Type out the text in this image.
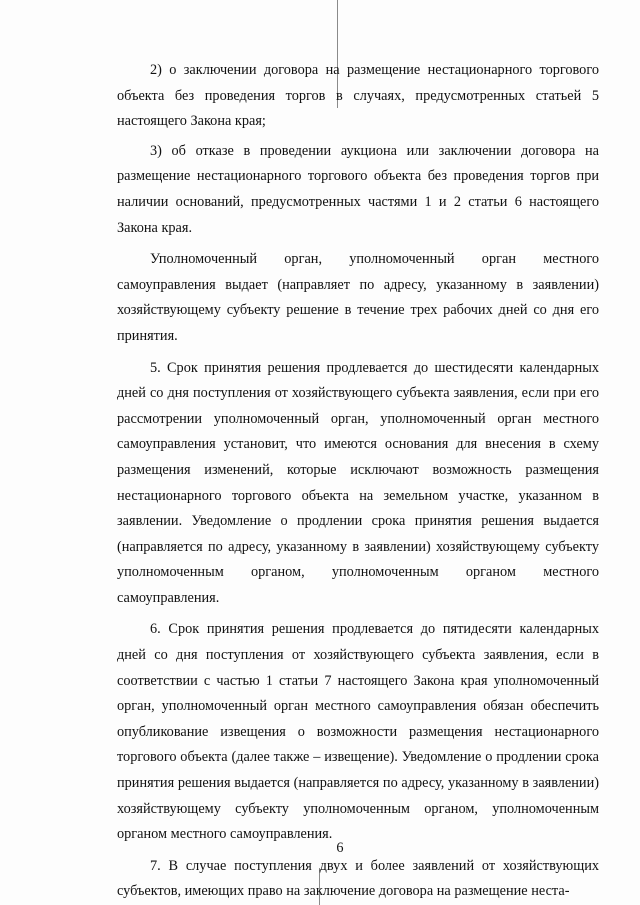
2) о заключении договора на размещение нестационарного торгового объекта без проведения торгов в случаях, предусмотренных статьей 5 настоящего Закона края;

3) об отказе в проведении аукциона или заключении договора на размещение нестационарного торгового объекта без проведения торгов при наличии оснований, предусмотренных частями 1 и 2 статьи 6 настоящего Закона края.

Уполномоченный орган, уполномоченный орган местного самоуправления выдает (направляет по адресу, указанному в заявлении) хозяйствующему субъекту решение в течение трех рабочих дней со дня его принятия.

5. Срок принятия решения продлевается до шестидесяти календарных дней со дня поступления от хозяйствующего субъекта заявления, если при его рассмотрении уполномоченный орган, уполномоченный орган местного самоуправления установит, что имеются основания для внесения в схему размещения изменений, которые исключают возможность размещения нестационарного торгового объекта на земельном участке, указанном в заявлении. Уведомление о продлении срока принятия решения выдается (направляется по адресу, указанному в заявлении) хозяйствующему субъекту уполномоченным органом, уполномоченным органом местного самоуправления.

6. Срок принятия решения продлевается до пятидесяти календарных дней со дня поступления от хозяйствующего субъекта заявления, если в соответствии с частью 1 статьи 7 настоящего Закона края уполномоченный орган, уполномоченный орган местного самоуправления обязан обеспечить опубликование извещения о возможности размещения нестационарного торгового объекта (далее также – извещение). Уведомление о продлении срока принятия решения выдается (направляется по адресу, указанному в заявлении) хозяйствующему субъекту уполномоченным органом, уполномоченным органом местного самоуправления.

7. В случае поступления двух и более заявлений от хозяйствующих субъектов, имеющих право на заключение договора на размещение неста-

6
